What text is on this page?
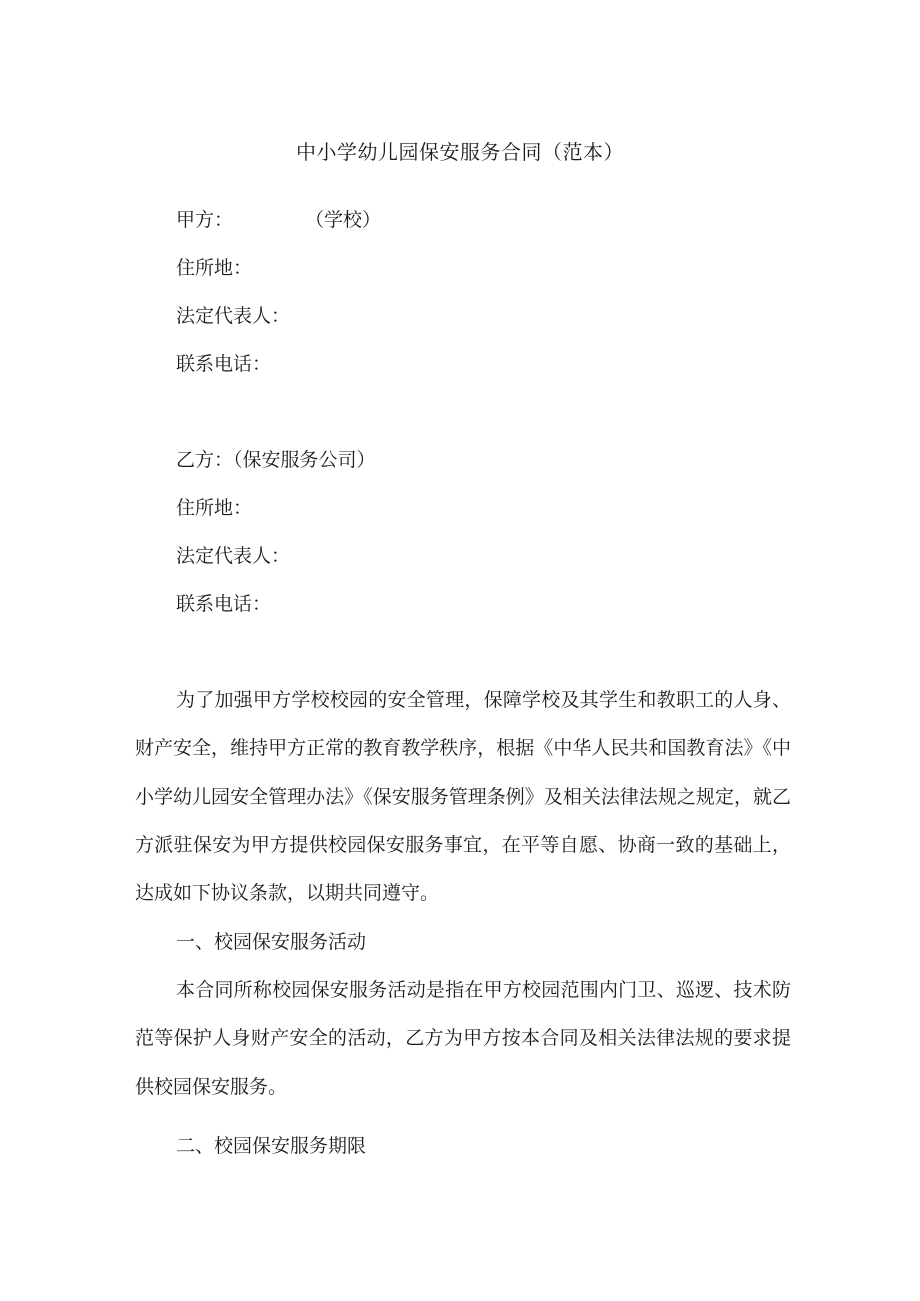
中小学幼儿园保安服务合同（范本）
甲方：	（学校）
住所地：
法定代表人：
联系电话：
乙方：（保安服务公司）
住所地：
法定代表人：
联系电话：
为了加强甲方学校校园的安全管理，保障学校及其学生和教职工的人身、财产安全，维持甲方正常的教育教学秩序，根据《中华人民共和国教育法》《中小学幼儿园安全管理办法》《保安服务管理条例》及相关法律法规之规定，就乙方派驻保安为甲方提供校园保安服务事宜，在平等自愿、协商一致的基础上，达成如下协议条款，以期共同遵守。
一、校园保安服务活动
本合同所称校园保安服务活动是指在甲方校园范围内门卫、巡逻、技术防范等保护人身财产安全的活动，乙方为甲方按本合同及相关法律法规的要求提供校园保安服务。
二、校园保安服务期限
